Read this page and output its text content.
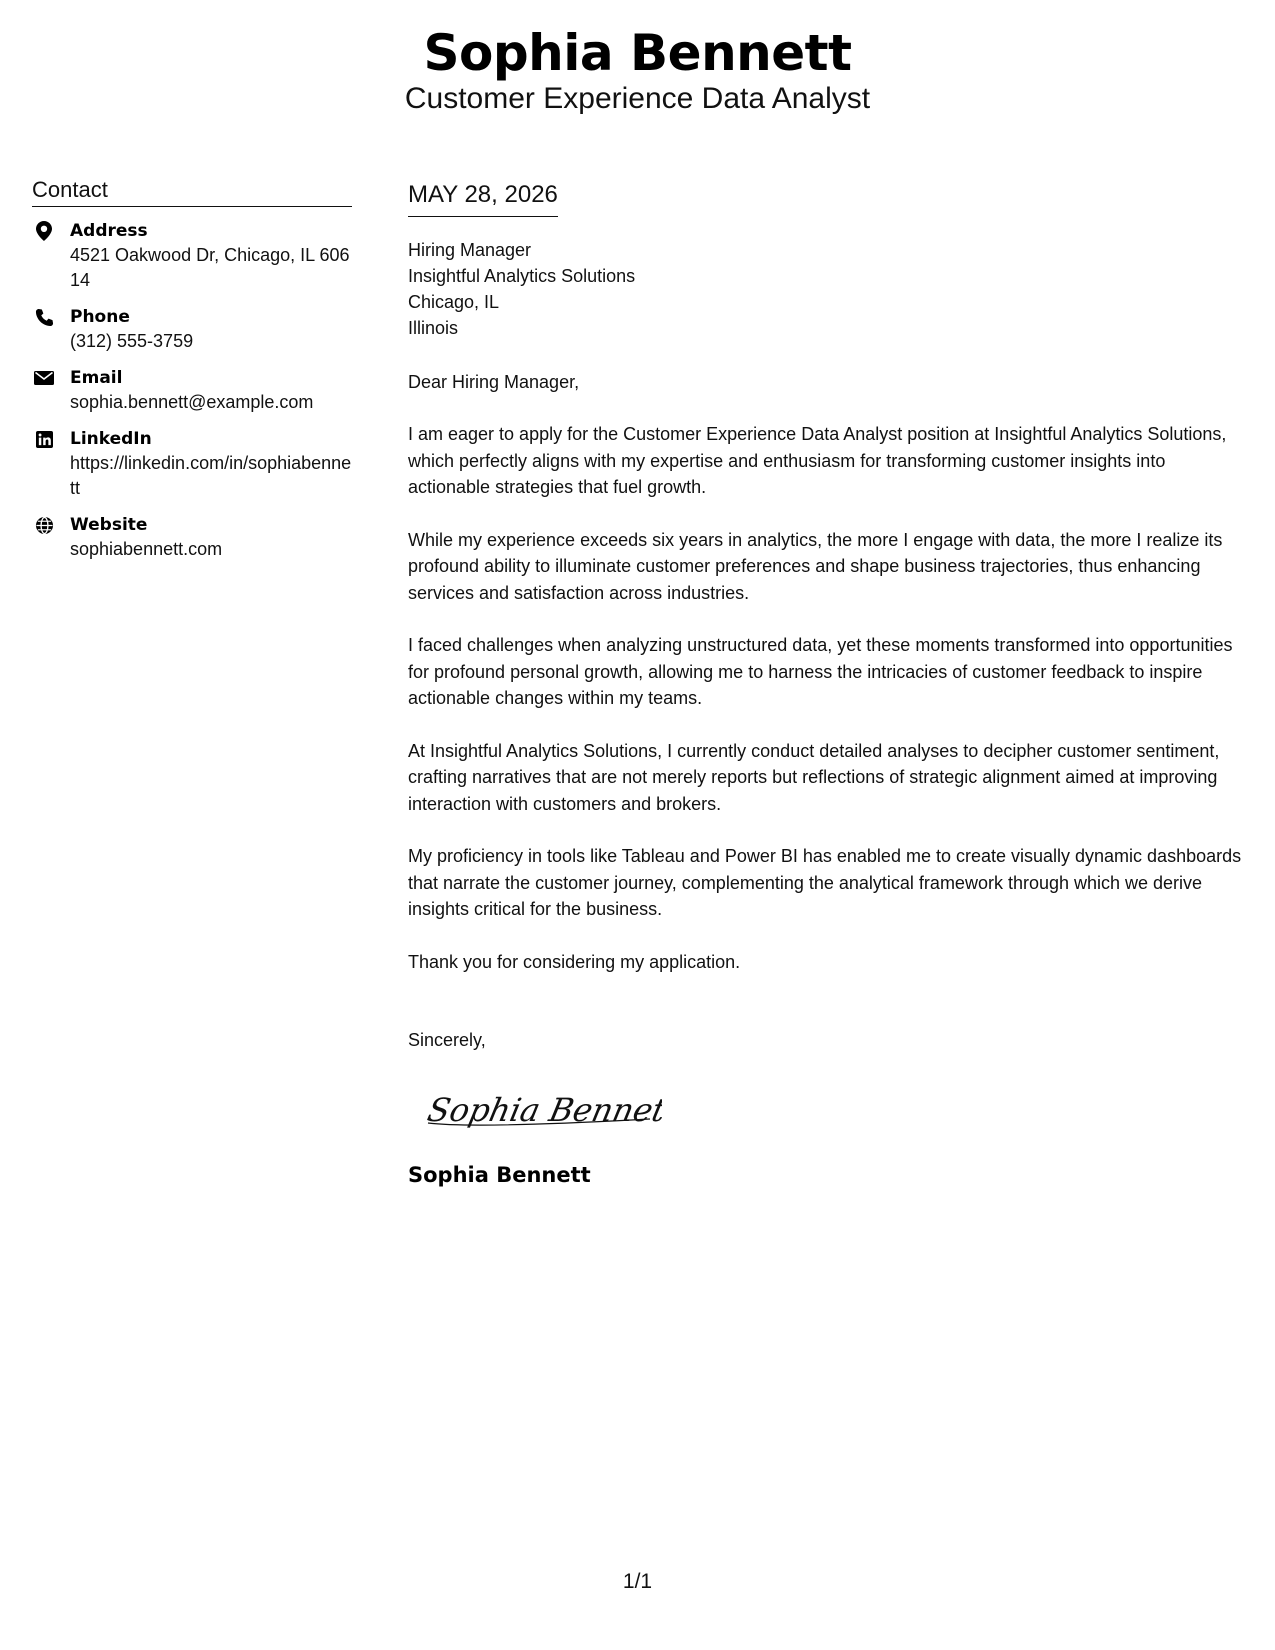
Sophia Bennett
Customer Experience Data Analyst
Contact
Address
4521 Oakwood Dr, Chicago, IL 60614
Phone
(312) 555-3759
Email
sophia.bennett@example.com
LinkedIn
https://linkedin.com/in/sophiabennett
Website
sophiabennett.com
MAY 28, 2026
Hiring Manager
Insightful Analytics Solutions
Chicago, IL
Illinois
Dear Hiring Manager,
I am eager to apply for the Customer Experience Data Analyst position at Insightful Analytics Solutions, which perfectly aligns with my expertise and enthusiasm for transforming customer insights into actionable strategies that fuel growth.
While my experience exceeds six years in analytics, the more I engage with data, the more I realize its profound ability to illuminate customer preferences and shape business trajectories, thus enhancing services and satisfaction across industries.
I faced challenges when analyzing unstructured data, yet these moments transformed into opportunities for profound personal growth, allowing me to harness the intricacies of customer feedback to inspire actionable changes within my teams.
At Insightful Analytics Solutions, I currently conduct detailed analyses to decipher customer sentiment, crafting narratives that are not merely reports but reflections of strategic alignment aimed at improving interaction with customers and brokers.
My proficiency in tools like Tableau and Power BI has enabled me to create visually dynamic dashboards that narrate the customer journey, complementing the analytical framework through which we derive insights critical for the business.
Thank you for considering my application.
Sincerely,
Sophia Bennett
Sophia Bennett
1/1
